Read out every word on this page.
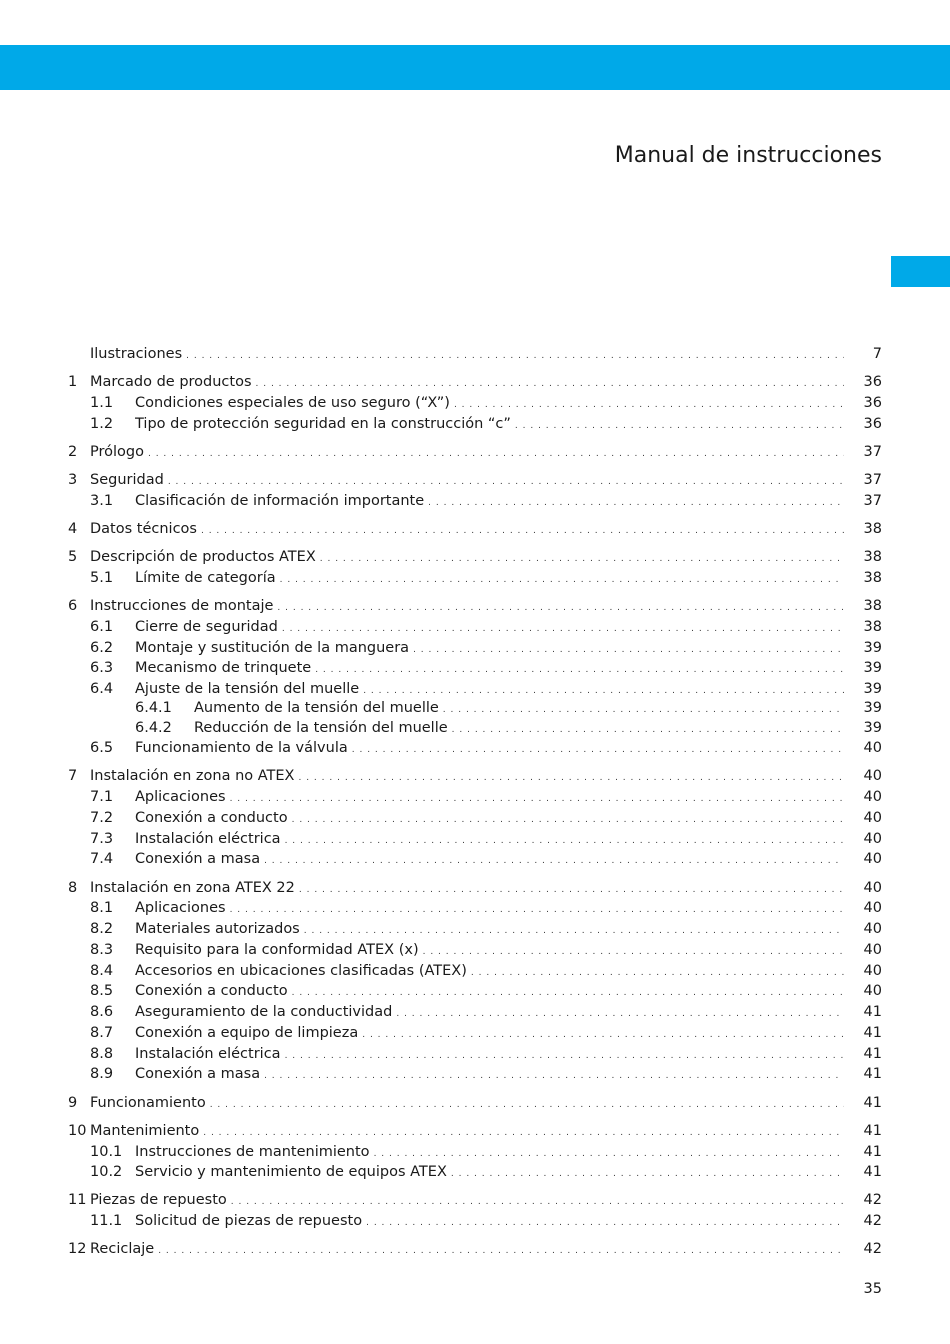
Manual de instrucciones
Ilustraciones . . .	7
1 Marcado de productos . . .	36
1.1 Condiciones especiales de uso seguro (“X”) . . .	36
1.2 Tipo de protección seguridad en la construcción “c” . . .	36
2 Prólogo . . .	37
3 Seguridad . . .	37
3.1 Clasificación de información importante . . .	37
4 Datos técnicos . . .	38
5 Descripción de productos ATEX . . .	38
5.1 Límite de categoría . . .	38
6 Instrucciones de montaje . . .	38
6.1 Cierre de seguridad . . .	38
6.2 Montaje y sustitución de la manguera . . .	39
6.3 Mecanismo de trinquete . . .	39
6.4 Ajuste de la tensión del muelle . . .	39
6.4.1 Aumento de la tensión del muelle . . .	39
6.4.2 Reducción de la tensión del muelle . . .	39
6.5 Funcionamiento de la válvula . . .	40
7 Instalación en zona no ATEX . . .	40
7.1 Aplicaciones . . .	40
7.2 Conexión a conducto . . .	40
7.3 Instalación eléctrica . . .	40
7.4 Conexión a masa . . .	40
8 Instalación en zona ATEX 22 . . .	40
8.1 Aplicaciones . . .	40
8.2 Materiales autorizados . . .	40
8.3 Requisito para la conformidad ATEX (x) . . .	40
8.4 Accesorios en ubicaciones clasificadas (ATEX) . . .	40
8.5 Conexión a conducto . . .	40
8.6 Aseguramiento de la conductividad . . .	41
8.7 Conexión a equipo de limpieza . . .	41
8.8 Instalación eléctrica . . .	41
8.9 Conexión a masa . . .	41
9 Funcionamiento . . .	41
10 Mantenimiento . . .	41
10.1 Instrucciones de mantenimiento . . .	41
10.2 Servicio y mantenimiento de equipos ATEX . . .	41
11 Piezas de repuesto . . .	42
11.1 Solicitud de piezas de repuesto . . .	42
12 Reciclaje . . .	42
35
